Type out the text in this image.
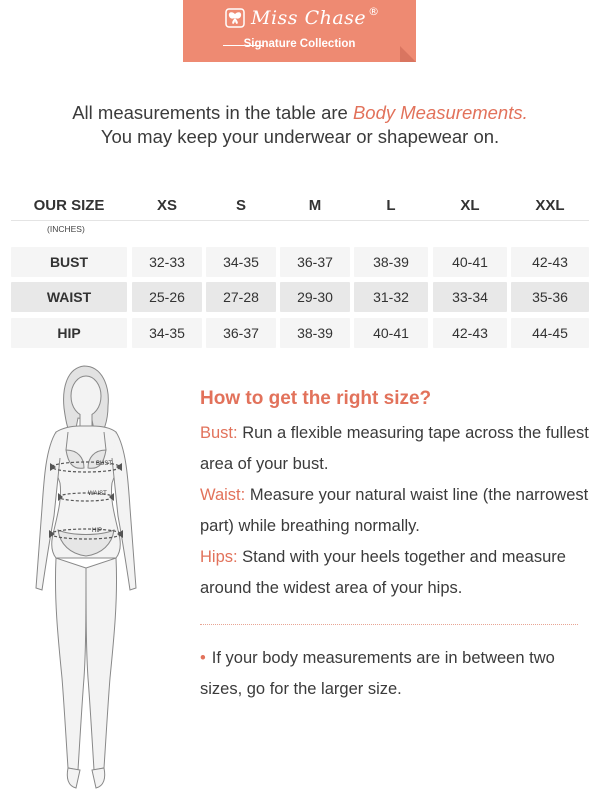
Miss Chase ®
Signature Collection
All measurements in the table are Body Measurements.
You may keep your underwear or shapewear on.
OUR SIZE	XS	S	M	L	XL	XXL
(INCHES)
BUST	32-33	34-35	36-37	38-39	40-41	42-43
WAIST	25-26	27-28	29-30	31-32	33-34	35-36
HIP	34-35	36-37	38-39	40-41	42-43	44-45
BUST
WAIST
HIP
How to get the right size?

Bust: Run a flexible measuring tape across the fullest area of your bust.

Waist: Measure your natural waist line (the narrowest part) while breathing normally.

Hips: Stand with your heels together and measure around the widest area of your hips.

• If your body measurements are in between two sizes, go for the larger size.
